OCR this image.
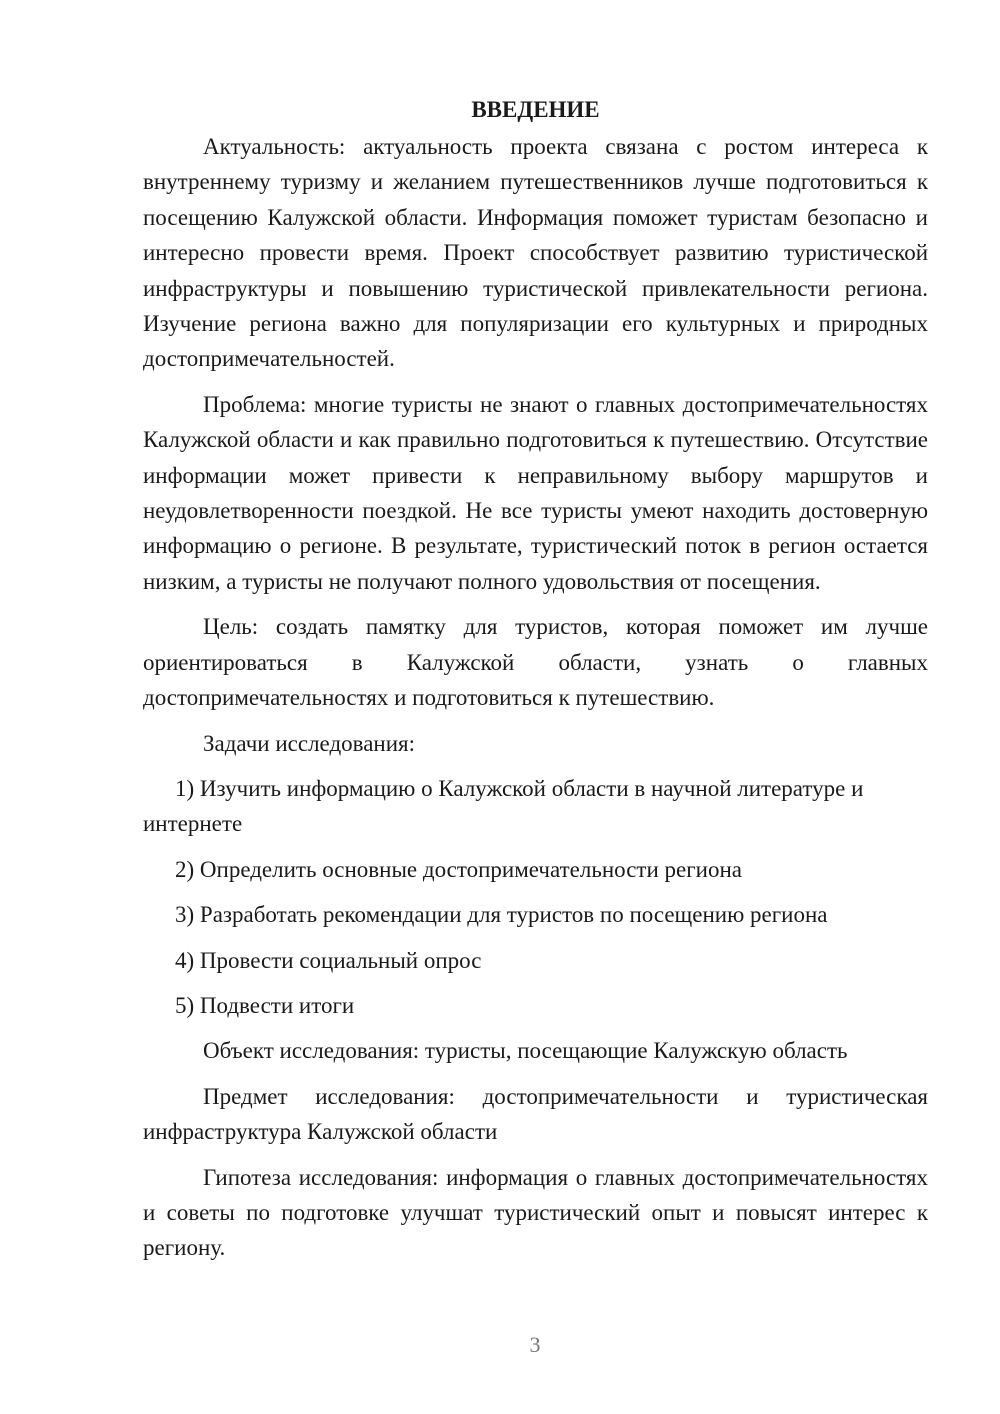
ВВЕДЕНИЕ

Актуальность: актуальность проекта связана с ростом интереса к внутреннему туризму и желанием путешественников лучше подготовиться к посещению Калужской области. Информация поможет туристам безопасно и интересно провести время. Проект способствует развитию туристической инфраструктуры и повышению туристической привлекательности региона. Изучение региона важно для популяризации его культурных и природных достопримечательностей.

Проблема: многие туристы не знают о главных достопримечательностях Калужской области и как правильно подготовиться к путешествию. Отсутствие информации может привести к неправильному выбору маршрутов и неудовлетворенности поездкой. Не все туристы умеют находить достоверную информацию о регионе. В результате, туристический поток в регион остается низким, а туристы не получают полного удовольствия от посещения.

Цель: создать памятку для туристов, которая поможет им лучше ориентироваться в Калужской области, узнать о главных достопримечательностях и подготовиться к путешествию.

Задачи исследования:

1) Изучить информацию о Калужской области в научной литературе и интернете

2) Определить основные достопримечательности региона

3) Разработать рекомендации для туристов по посещению региона

4) Провести социальный опрос

5) Подвести итоги

Объект исследования: туристы, посещающие Калужскую область

Предмет исследования: достопримечательности и туристическая инфраструктура Калужской области

Гипотеза исследования: информация о главных достопримечательностях и советы по подготовке улучшат туристический опыт и повысят интерес к региону.

3
